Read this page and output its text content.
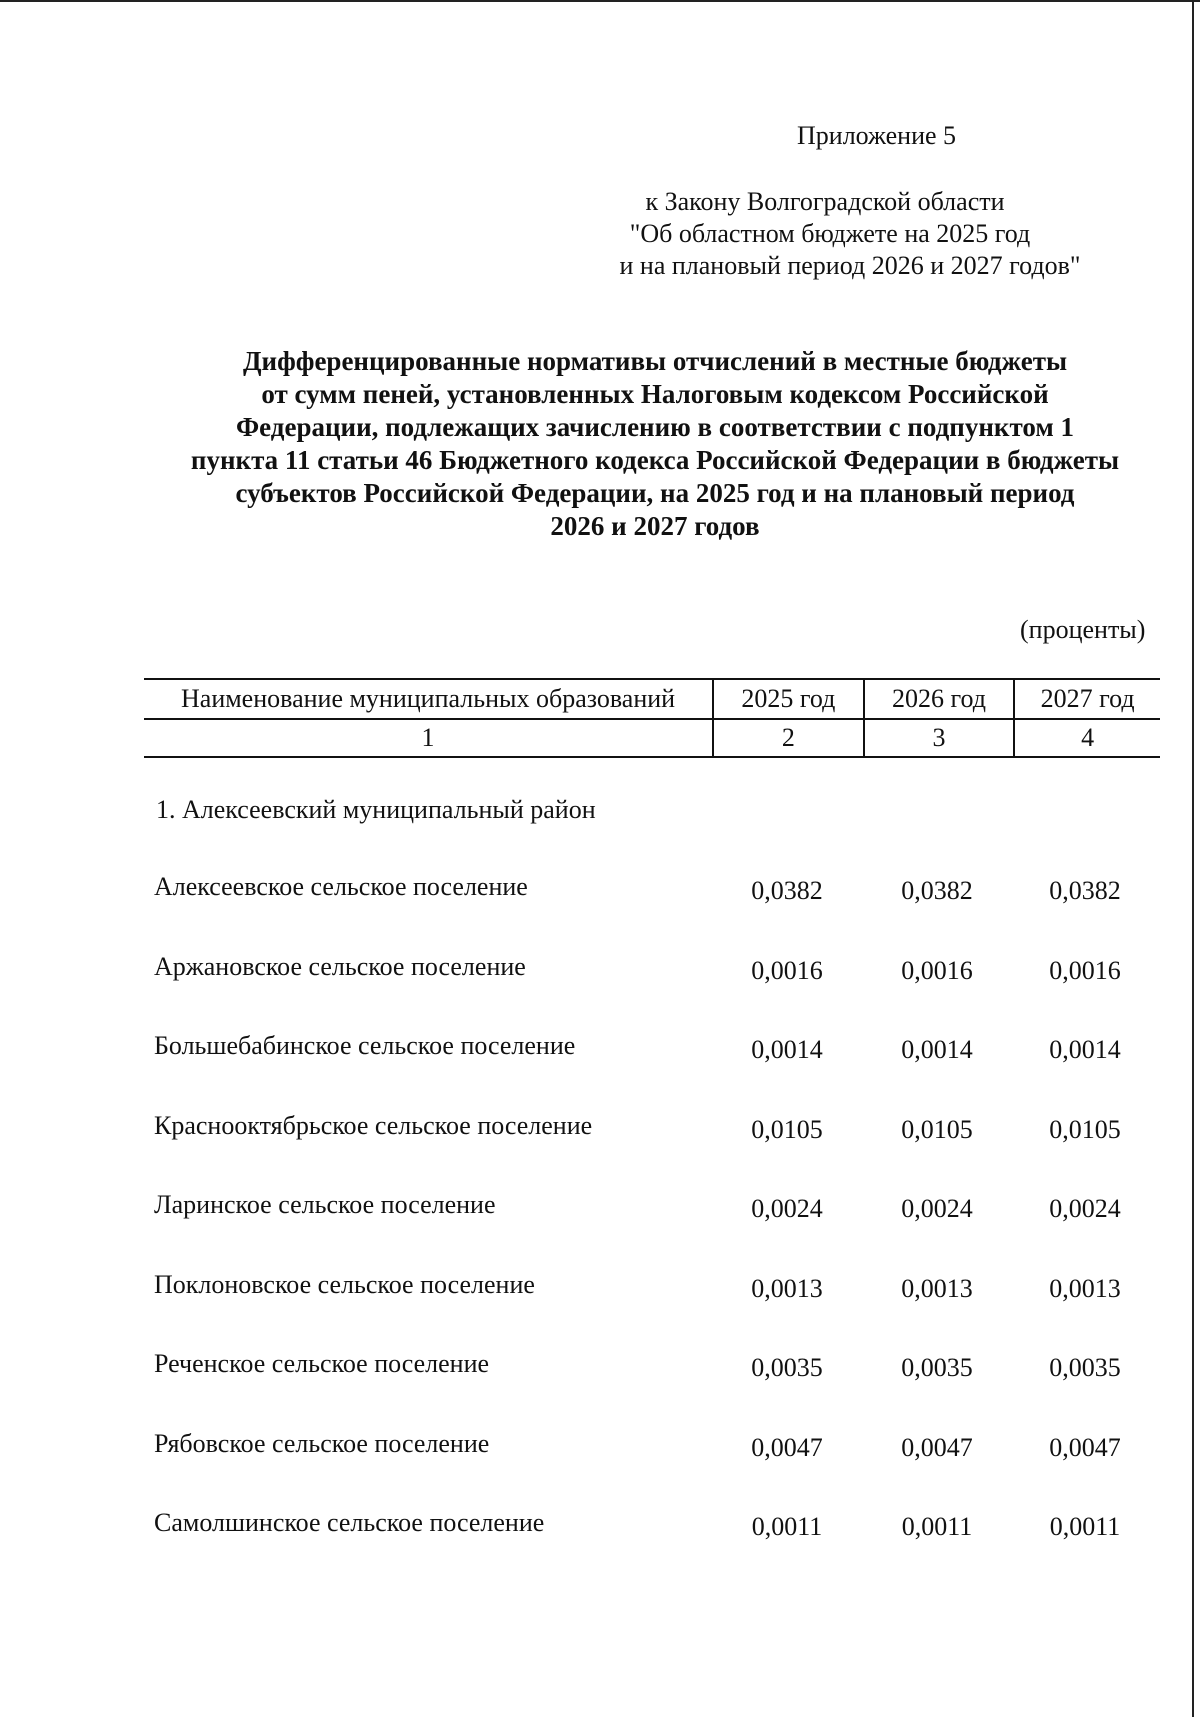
Приложение 5
к Закону Волгоградской области
"Об областном бюджете на 2025 год
и на плановый период 2026 и 2027 годов"
Дифференцированные нормативы отчислений в местные бюджеты
от сумм пеней, установленных Налоговым кодексом Российской
Федерации, подлежащих зачислению в соответствии с подпунктом 1
пункта 11 статьи 46 Бюджетного кодекса Российской Федерации в бюджеты
субъектов Российской Федерации, на 2025 год и на плановый период
2026 и 2027 годов
(проценты)
Наименование муниципальных образований	2025 год	2026 год	2027 год
1	2	3	4
1. Алексеевский муниципальный район
Алексеевское сельское поселение	0,0382	0,0382	0,0382
Аржановское сельское поселение	0,0016	0,0016	0,0016
Большебабинское сельское поселение	0,0014	0,0014	0,0014
Краснооктябрьское сельское поселение	0,0105	0,0105	0,0105
Ларинское сельское поселение	0,0024	0,0024	0,0024
Поклоновское сельское поселение	0,0013	0,0013	0,0013
Реченское сельское поселение	0,0035	0,0035	0,0035
Рябовское сельское поселение	0,0047	0,0047	0,0047
Самолшинское сельское поселение	0,0011	0,0011	0,0011
